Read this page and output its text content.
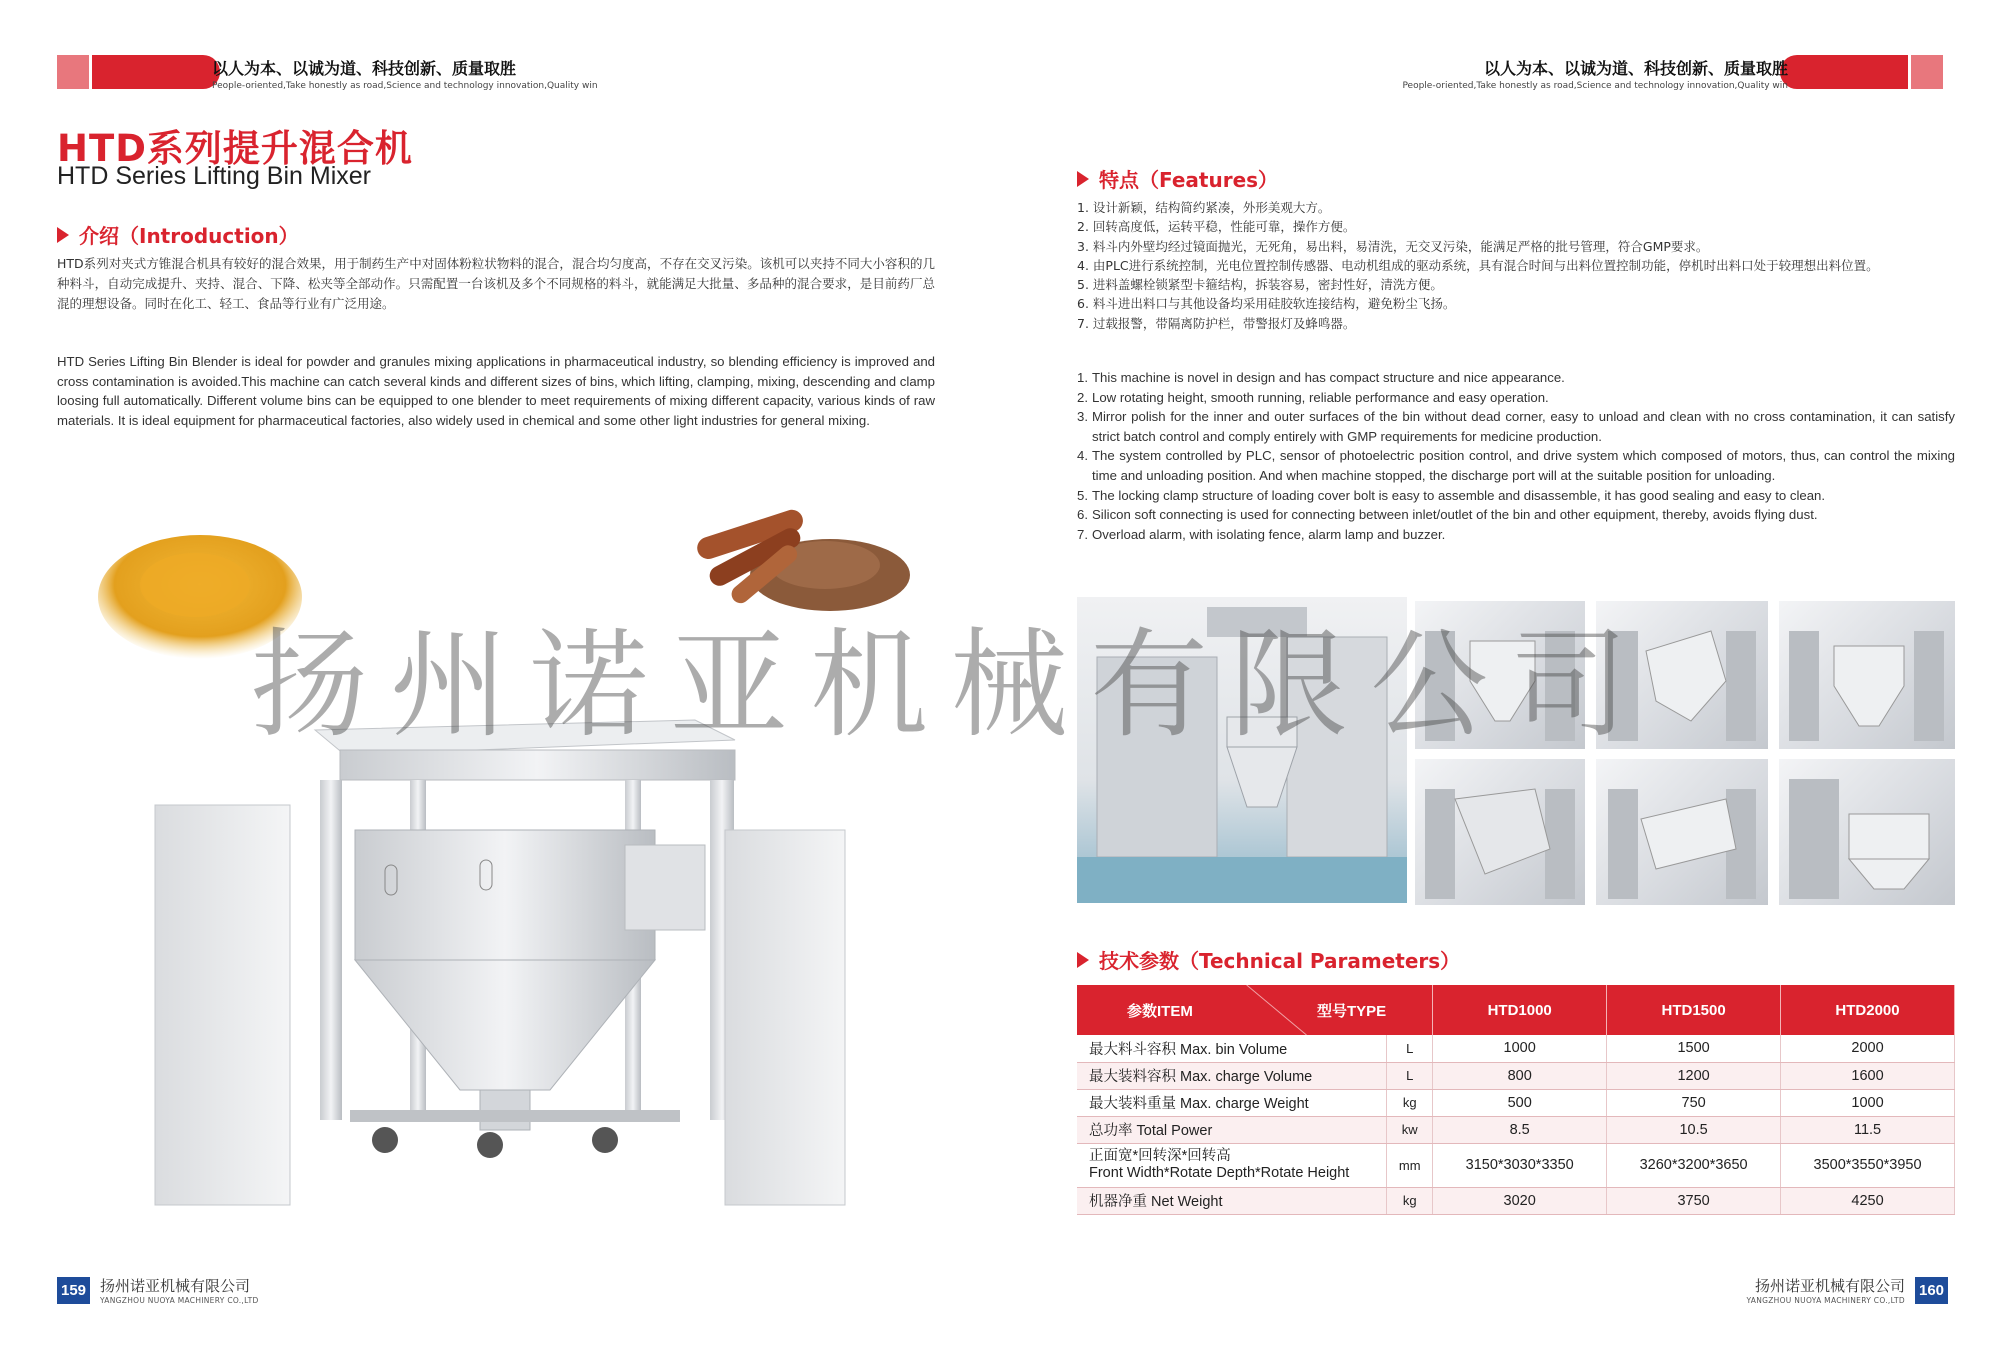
以人为本、以诚为道、科技创新、质量取胜
People-oriented,Take honestly as road,Science and technology innovation,Quality win
HTD系列提升混合机
HTD Series Lifting Bin Mixer
介绍（Introduction）

HTD系列对夹式方锥混合机具有较好的混合效果，用于制药生产中对固体粉粒状物料的混合，混合均匀度高，不存在交叉污染。该机可以夹持不同大小容积的几种料斗，自动完成提升、夹持、混合、下降、松夹等全部动作。只需配置一台该机及多个不同规格的料斗，就能满足大批量、多品种的混合要求，是目前药厂总混的理想设备。同时在化工、轻工、食品等行业有广泛用途。

HTD Series Lifting Bin Blender is ideal for powder and granules mixing applications in pharmaceutical industry, so blending efficiency is improved and cross contamination is avoided.This machine can catch several kinds and different sizes of bins, which lifting, clamping, mixing, descending and clamp loosing full automatically. Different volume bins can be equipped to one blender to meet requirements of mixing different capacity, various kinds of raw materials. It is ideal equipment for pharmaceutical factories, also widely used in chemical and some other light industries for general mixing.

159 扬州诺亚机械有限公司
YANGZHOU NUOYA MACHINERY CO.,LTD
以人为本、以诚为道、科技创新、质量取胜
People-oriented,Take honestly as road,Science and technology innovation,Quality win
扬州诺亚机械有限公司
YANGZHOU NUOYA MACHINERY CO.,LTD
160
特点（Features）
1. 设计新颖，结构简约紧凑，外形美观大方。
2. 回转高度低，运转平稳，性能可靠，操作方便。
3. 料斗内外壁均经过镜面抛光，无死角，易出料，易清洗，无交叉污染，能满足严格的批号管理，符合GMP要求。
4. 由PLC进行系统控制，光电位置控制传感器、电动机组成的驱动系统，具有混合时间与出料位置控制功能，停机时出料口处于较理想出料位置。
5. 进料盖螺栓锁紧型卡箍结构，拆装容易，密封性好，清洗方便。
6. 料斗进出料口与其他设备均采用硅胶软连接结构，避免粉尘飞扬。
7. 过载报警，带隔离防护栏，带警报灯及蜂鸣器。
1. This machine is novel in design and has compact structure and nice appearance.
2. Low rotating height, smooth running, reliable performance and easy operation.
3. Mirror polish for the inner and outer surfaces of the bin without dead corner, easy to unload and clean with no cross contamination, it can satisfy strict batch control and comply entirely with GMP requirements for medicine production.
4. The system controlled by PLC, sensor of photoelectric position control, and drive system which composed of motors, thus, can control the mixing time and unloading position. And when machine stopped, the discharge port will at the suitable position for unloading.
5. The locking clamp structure of loading cover bolt is easy to assemble and disassemble, it has good sealing and easy to clean.
6. Silicon soft connecting is used for connecting between inlet/outlet of the bin and other equipment, thereby, avoids flying dust.
7. Overload alarm, with isolating fence, alarm lamp and buzzer.
技术参数（Technical Parameters）
参数ITEM 型号TYPE		HTD1000	HTD1500	HTD2000
最大料斗容积 Max. bin Volume	L	1000	1500	2000
最大装料容积 Max. charge Volume	L	800	1200	1600
最大装料重量 Max. charge Weight	kg	500	750	1000
总功率 Total Power	kw	8.5	10.5	11.5

正面宽*回转深*回转高
Front Width*Rotate Depth*Rotate Height	mm	3150*3030*3350	3260*3200*3650	3500*3550*3950
机器净重 Net Weight	kg	3020	3750	4250
扬州诺亚机械有限公司
